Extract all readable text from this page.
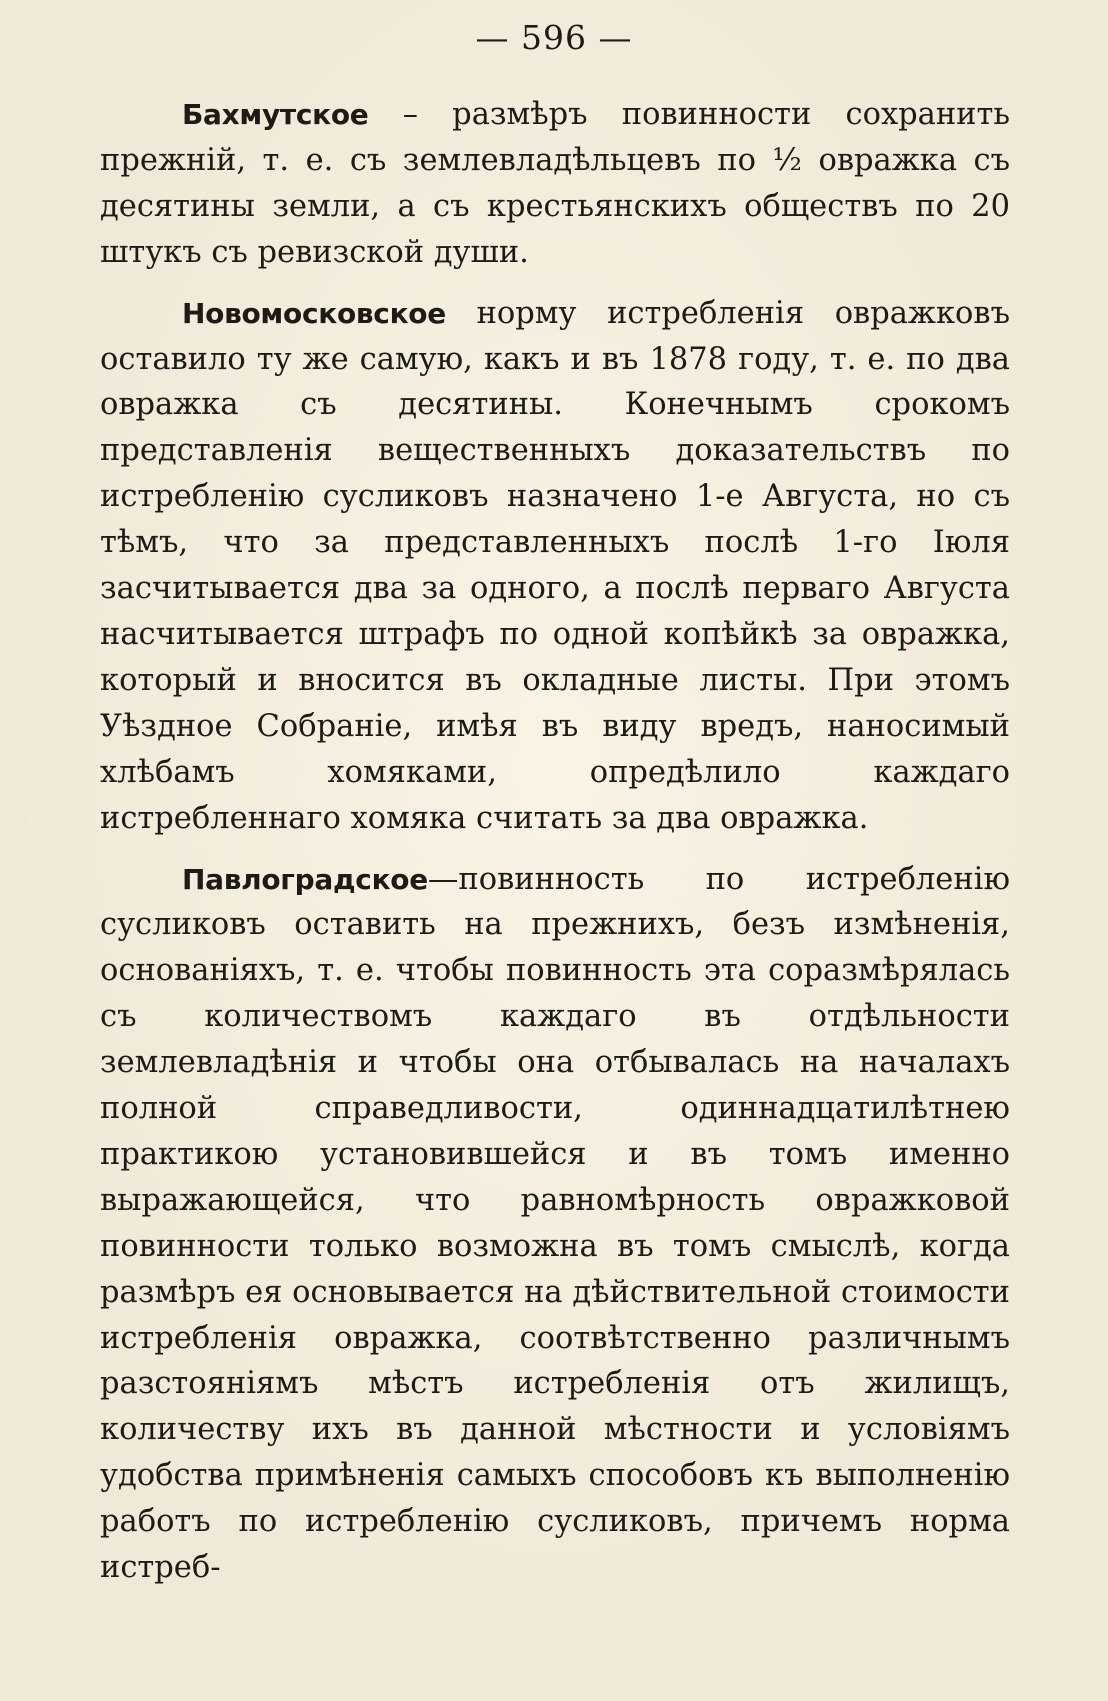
— 596 —

Бахмутское – размѣръ повинности сохранить прежній, т. е. съ землевладѣльцевъ по ½ овражка съ десятины земли, а съ крестьянскихъ обществъ по 20 штукъ съ ревизской души.

Новомосковское норму истребленія овражковъ оставило ту же самую, какъ и въ 1878 году, т. е. по два овражка съ десятины. Конечнымъ срокомъ представленія вещественныхъ доказательствъ по истребленію сусликовъ назначено 1-е Августа, но съ тѣмъ, что за представленныхъ послѣ 1-го Іюля засчитывается два за одного, а послѣ перваго Августа насчитывается штрафъ по одной копѣйкѣ за овражка, который и вносится въ окладные листы. При этомъ Уѣздное Собраніе, имѣя въ виду вредъ, наносимый хлѣбамъ хомяками, опредѣлило каждаго истребленнаго хомяка считать за два овражка.

Павлоградское—повинность по истребленію сусликовъ оставить на прежнихъ, безъ измѣненія, основаніяхъ, т. е. чтобы повинность эта соразмѣрялась съ количествомъ каждаго въ отдѣльности землевладѣнія и чтобы она отбывалась на началахъ полной справедливости, одиннадцатилѣтнею практикою установившейся и въ томъ именно выражающейся, что равномѣрность овражковой повинности только возможна въ томъ смыслѣ, когда размѣръ ея основывается на дѣйствительной стоимости истребленія овражка, соотвѣтственно различнымъ разстояніямъ мѣстъ истребленія отъ жилищъ, количеству ихъ въ данной мѣстности и условіямъ удобства примѣненія самыхъ способовъ къ выполненію работъ по истребленію сусликовъ, причемъ норма истреб-
